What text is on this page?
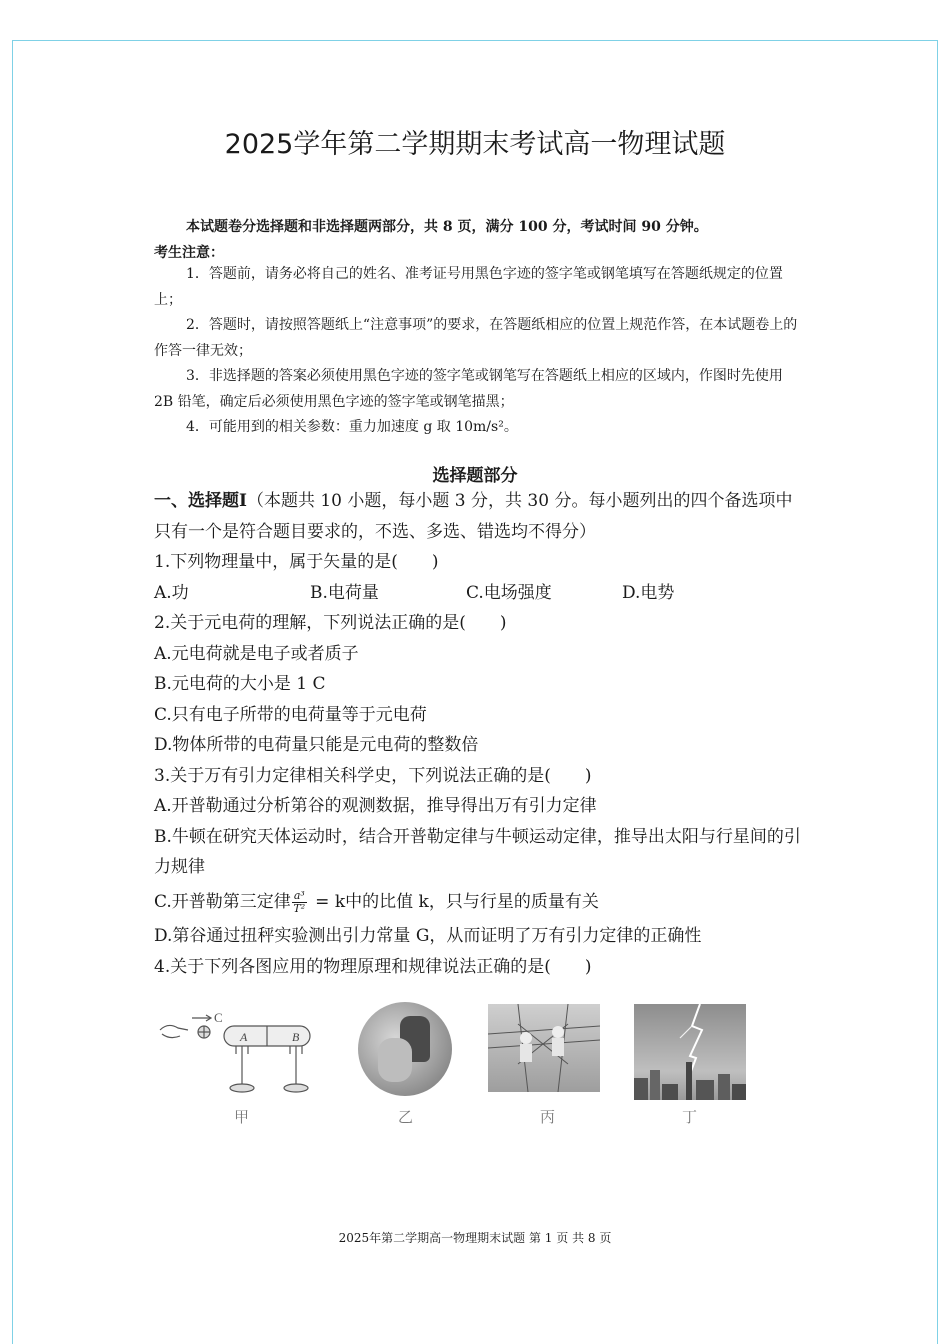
2025学年第二学期期末考试高一物理试题
本试题卷分选择题和非选择题两部分，共 8 页，满分 100 分，考试时间 90 分钟。
考生注意：

1．答题前，请务必将自己的姓名、准考证号用黑色字迹的签字笔或钢笔填写在答题纸规定的位置上；

2．答题时，请按照答题纸上“注意事项”的要求，在答题纸相应的位置上规范作答，在本试题卷上的作答一律无效；

3．非选择题的答案必须使用黑色字迹的签字笔或钢笔写在答题纸上相应的区域内，作图时先使用 2B 铅笔，确定后必须使用黑色字迹的签字笔或钢笔描黑；

4．可能用到的相关参数：重力加速度 g 取 10m/s²。

选择题部分

一、选择题Ⅰ（本题共 10 小题，每小题 3 分，共 30 分。每小题列出的四个备选项中只有一个是符合题目要求的，不选、多选、错选均不得分）

1.下列物理量中，属于矢量的是(　　)

A.功	B.电荷量	C.电场强度	D.电势

2.关于元电荷的理解，下列说法正确的是(　　)

A.元电荷就是电子或者质子

B.元电荷的大小是 1 C

C.只有电子所带的电荷量等于元电荷

D.物体所带的电荷量只能是元电荷的整数倍

3.关于万有引力定律相关科学史，下列说法正确的是(　　)

A.开普勒通过分析第谷的观测数据，推导得出万有引力定律

B.牛顿在研究天体运动时，结合开普勒定律与牛顿运动定律，推导出太阳与行星间的引力规律

C.开普勒第三定律 $\frac{\text{a³}}{\text{T²}} = k$中的比值 k，只与行星的质量有关

D.第谷通过扭秤实验测出引力常量 G，从而证明了万有引力定律的正确性

4.关于下列各图应用的物理原理和规律说法正确的是(　　)

C
A	B
甲	乙	丙	丁
2025年第二学期高一物理期末试题 第 1 页 共 8 页
